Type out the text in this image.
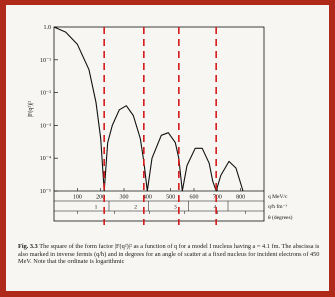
1.0
10⁻¹
10⁻²
10⁻³
10⁻⁴
10⁻⁵
|F(q²)|²
100 200 300 400 500 600 700 800	q MeV/c
1	2	3	4	q/ħ fm⁻¹
θ (degrees)

Fig. 3.3 The square of the form factor |F(q²)|² as a function of q for a model I nucleus having a = 4.1 fm. The abscissa is also marked in inverse fermis (q/ħ) and in degrees for an angle of scatter at a fixed nucleus for incident electrons of 450 MeV. Note that the ordinate is logarithmic
